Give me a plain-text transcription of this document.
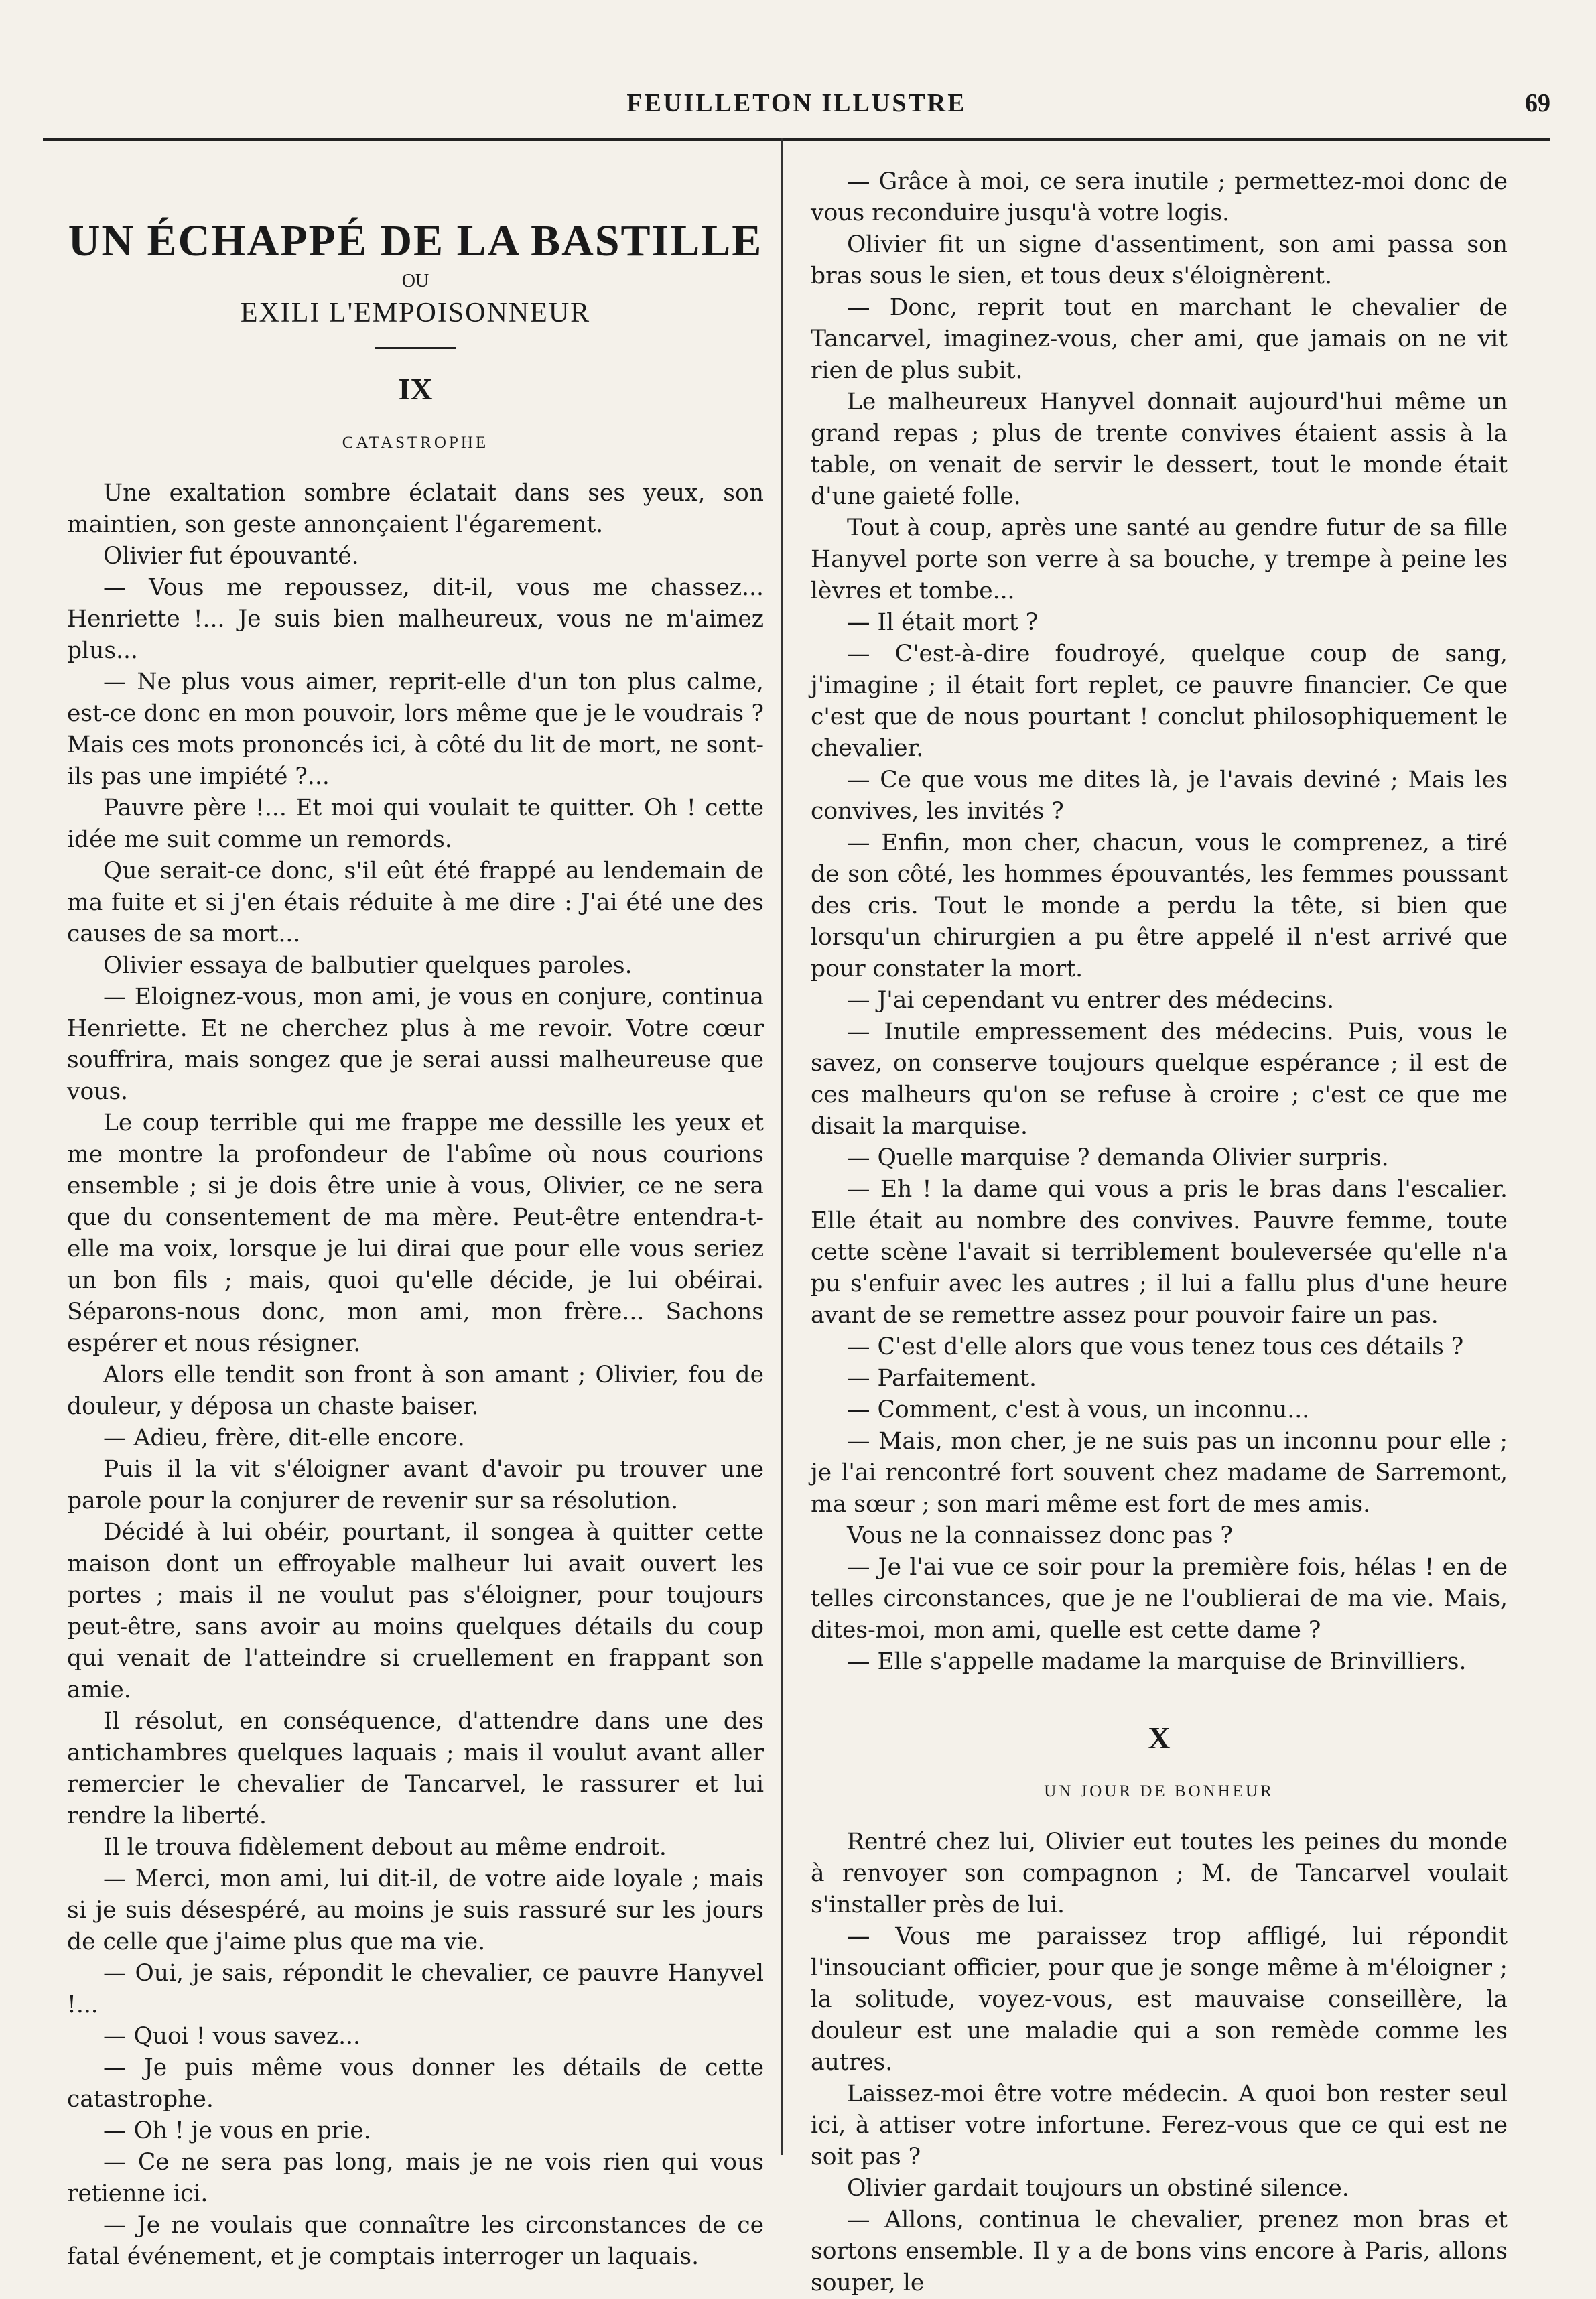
FEUILLETON ILLUSTRE	69
UN ÉCHAPPÉ DE LA BASTILLE
OU
EXILI L'EMPOISONNEUR
IX
CATASTROPHE

Une exaltation sombre éclatait dans ses yeux, son maintien, son geste annonçaient l'égarement.

Olivier fut épouvanté.

— Vous me repoussez, dit-il, vous me chassez... Henriette !... Je suis bien malheureux, vous ne m'aimez plus...

— Ne plus vous aimer, reprit-elle d'un ton plus calme, est-ce donc en mon pouvoir, lors même que je le voudrais ? Mais ces mots prononcés ici, à côté du lit de mort, ne sont-ils pas une impiété ?...

Pauvre père !... Et moi qui voulait te quitter. Oh ! cette idée me suit comme un remords.

Que serait-ce donc, s'il eût été frappé au lendemain de ma fuite et si j'en étais réduite à me dire : J'ai été une des causes de sa mort...

Olivier essaya de balbutier quelques paroles.

— Eloignez-vous, mon ami, je vous en conjure, continua Henriette. Et ne cherchez plus à me revoir. Votre cœur souffrira, mais songez que je serai aussi malheureuse que vous.

Le coup terrible qui me frappe me dessille les yeux et me montre la profondeur de l'abîme où nous courions ensemble ; si je dois être unie à vous, Olivier, ce ne sera que du consentement de ma mère. Peut-être entendra-t-elle ma voix, lorsque je lui dirai que pour elle vous seriez un bon fils ; mais, quoi qu'elle décide, je lui obéirai. Séparons-nous donc, mon ami, mon frère... Sachons espérer et nous résigner.

Alors elle tendit son front à son amant ; Olivier, fou de douleur, y déposa un chaste baiser.

— Adieu, frère, dit-elle encore.

Puis il la vit s'éloigner avant d'avoir pu trouver une parole pour la conjurer de revenir sur sa résolution.

Décidé à lui obéir, pourtant, il songea à quitter cette maison dont un effroyable malheur lui avait ouvert les portes ; mais il ne voulut pas s'éloigner, pour toujours peut-être, sans avoir au moins quelques détails du coup qui venait de l'atteindre si cruellement en frappant son amie.

Il résolut, en conséquence, d'attendre dans une des antichambres quelques laquais ; mais il voulut avant aller remercier le chevalier de Tancarvel, le rassurer et lui rendre la liberté.

Il le trouva fidèlement debout au même endroit.

— Merci, mon ami, lui dit-il, de votre aide loyale ; mais si je suis désespéré, au moins je suis rassuré sur les jours de celle que j'aime plus que ma vie.

— Oui, je sais, répondit le chevalier, ce pauvre Hanyvel !...

— Quoi ! vous savez...

— Je puis même vous donner les détails de cette catastrophe.

— Oh ! je vous en prie.

— Ce ne sera pas long, mais je ne vois rien qui vous retienne ici.

— Je ne voulais que connaître les circonstances de ce fatal événement, et je comptais interroger un laquais.

— Grâce à moi, ce sera inutile ; permettez-moi donc de vous reconduire jusqu'à votre logis.

Olivier fit un signe d'assentiment, son ami passa son bras sous le sien, et tous deux s'éloignèrent.

— Donc, reprit tout en marchant le chevalier de Tancarvel, imaginez-vous, cher ami, que jamais on ne vit rien de plus subit.

Le malheureux Hanyvel donnait aujourd'hui même un grand repas ; plus de trente convives étaient assis à la table, on venait de servir le dessert, tout le monde était d'une gaieté folle.

Tout à coup, après une santé au gendre futur de sa fille Hanyvel porte son verre à sa bouche, y trempe à peine les lèvres et tombe...

— Il était mort ?

— C'est-à-dire foudroyé, quelque coup de sang, j'imagine ; il était fort replet, ce pauvre financier. Ce que c'est que de nous pourtant ! conclut philosophiquement le chevalier.

— Ce que vous me dites là, je l'avais deviné ; Mais les convives, les invités ?

— Enfin, mon cher, chacun, vous le comprenez, a tiré de son côté, les hommes épouvantés, les femmes poussant des cris. Tout le monde a perdu la tête, si bien que lorsqu'un chirurgien a pu être appelé il n'est arrivé que pour constater la mort.

— J'ai cependant vu entrer des médecins.

— Inutile empressement des médecins. Puis, vous le savez, on conserve toujours quelque espérance ; il est de ces malheurs qu'on se refuse à croire ; c'est ce que me disait la marquise.

— Quelle marquise ? demanda Olivier surpris.

— Eh ! la dame qui vous a pris le bras dans l'escalier. Elle était au nombre des convives. Pauvre femme, toute cette scène l'avait si terriblement bouleversée qu'elle n'a pu s'enfuir avec les autres ; il lui a fallu plus d'une heure avant de se remettre assez pour pouvoir faire un pas.

— C'est d'elle alors que vous tenez tous ces détails ?

— Parfaitement.

— Comment, c'est à vous, un inconnu...

— Mais, mon cher, je ne suis pas un inconnu pour elle ; je l'ai rencontré fort souvent chez madame de Sarremont, ma sœur ; son mari même est fort de mes amis.

Vous ne la connaissez donc pas ?

— Je l'ai vue ce soir pour la première fois, hélas ! en de telles circonstances, que je ne l'oublierai de ma vie. Mais, dites-moi, mon ami, quelle est cette dame ?

— Elle s'appelle madame la marquise de Brinvilliers.

X
UN JOUR DE BONHEUR

Rentré chez lui, Olivier eut toutes les peines du monde à renvoyer son compagnon ; M. de Tancarvel voulait s'installer près de lui.

— Vous me paraissez trop affligé, lui répondit l'insouciant officier, pour que je songe même à m'éloigner ; la solitude, voyez-vous, est mauvaise conseillère, la douleur est une maladie qui a son remède comme les autres.

Laissez-moi être votre médecin. A quoi bon rester seul ici, à attiser votre infortune. Ferez-vous que ce qui est ne soit pas ?

Olivier gardait toujours un obstiné silence.

— Allons, continua le chevalier, prenez mon bras et sortons ensemble. Il y a de bons vins encore à Paris, allons souper, le
